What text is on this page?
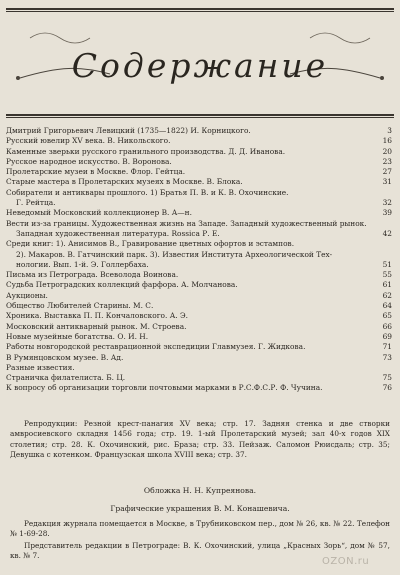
Содержание
Дмитрий Григорьевич Левицкий (1735—1822) И. Корницкого.	3
Русский ювелир XV века. В. Никольского.	16
Каменные зверьки русского гранильного производства. Д. Д. Иванова.	20
Русское народное искусство. В. Воронова.	23
Пролетарские музеи в Москве. Флор. Гейтца.	27
Старые мастера в Пролетарских музеях в Москве. В. Блока.	31
Собиратели и антиквары прошлого. 1) Братья П. В. и К. В. Охочинские.
Г. Рейтца.	32
Неведомый Московский коллекционер В. А—н.	39
Вести из-за границы. Художественная жизнь на Западе. Западный художественный рынок.
Западная художественная литература. Rossica Р. Е.	42
Среди книг: 1). Анисимов В., Гравирование цветных офортов и эстампов.
2). Макаров. В. Гатчинский парк. 3). Известия Института Археологической Тех-
нологии. Вып. 1-й. Э. Голлербаха.	51
Письма из Петрограда. Всеволода Воинова.	55
Судьба Петроградских коллекций фарфора. А. Молчанова.	61
Аукционы.	62
Общество Любителей Старины. М. С.	64
Хроника. Выставка П. П. Кончаловского. А. Э.	65
Московский антикварный рынок. М. Строева.	66
Новые музейные богатства. О. И. Н.	69
Работы новгородской реставрационной экспедиции Главмузея. Г. Жидкова.	71
В Румянцовском музее. В. Ад.	73
Разные известия.
Страничка филателиста. Б. Ц.	75
К вопросу об организации торговли почтовыми марками в Р.С.Ф.С.Р. Ф. Чучина.	76
Репродукции: Резной крест-панагия XV века; стр. 17. Задняя стенка и две створки амвросиевского складня 1456 года; стр. 19. 1-ый Пролетарский музей; зал 40-х годов XIX столетия; стр. 28. К. Охочинский, рис. Браза; стр. 33. Пейзаж. Саломон Рюисдаль; стр. 35; Девушка с котенком. Французская школа XVIII века; стр. 37.
Обложка Н. Н. Купреянова.
Графические украшения В. М. Конашевича.
Редакция журнала помещается в Москве, в Трубниковском пер., дом № 26, кв. № 22. Телефон № 1-69-28.
Представитель редакции в Петрограде: В. К. Охочинский, улица „Красных Зорь“, дом № 57, кв. № 7.
OZON.ru
